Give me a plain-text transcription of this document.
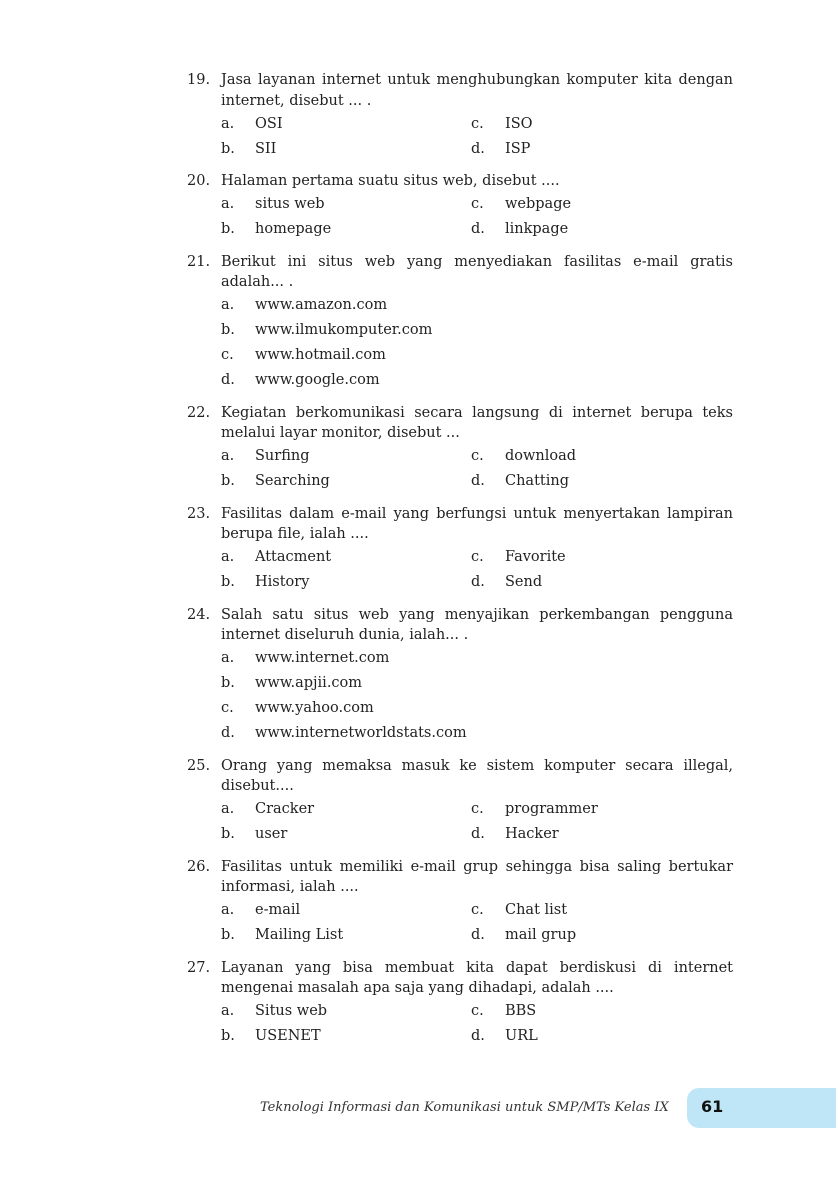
19. Jasa layanan internet untuk menghubungkan komputer kita dengan internet, disebut ... .
a.	OSI	c.	ISO
b.	SII	d.	ISP
20. Halaman pertama suatu situs web, disebut ....
a.	situs web	c.	webpage
b.	homepage	d.	linkpage
21. Berikut ini situs web yang menyediakan fasilitas e-mail gratis adalah... .
a.	www.amazon.com
b.	www.ilmukomputer.com
c.	www.hotmail.com
d.	www.google.com
22. Kegiatan berkomunikasi secara langsung di internet berupa teks melalui layar monitor, disebut ...
a.	Surfing	c.	download
b.	Searching	d.	Chatting
23. Fasilitas dalam e-mail yang berfungsi untuk menyertakan lampiran berupa file, ialah ....
a.	Attacment	c.	Favorite
b.	History	d.	Send
24. Salah satu situs web yang menyajikan perkembangan pengguna internet diseluruh dunia, ialah... .
a.	www.internet.com
b.	www.apjii.com
c.	www.yahoo.com
d.	www.internetworldstats.com
25. Orang yang memaksa masuk ke sistem komputer secara illegal, disebut....
a.	Cracker	c.	programmer
b.	user	d.	Hacker
26. Fasilitas untuk memiliki e-mail grup sehingga bisa saling bertukar informasi, ialah ....
a.	e-mail	c.	Chat list
b.	Mailing List	d.	mail grup
27. Layanan yang bisa membuat kita dapat berdiskusi di internet mengenai masalah apa saja yang dihadapi, adalah ....
a.	Situs web	c.	BBS
b.	USENET	d.	URL
Teknologi Informasi dan Komunikasi untuk SMP/MTs Kelas IX 61
